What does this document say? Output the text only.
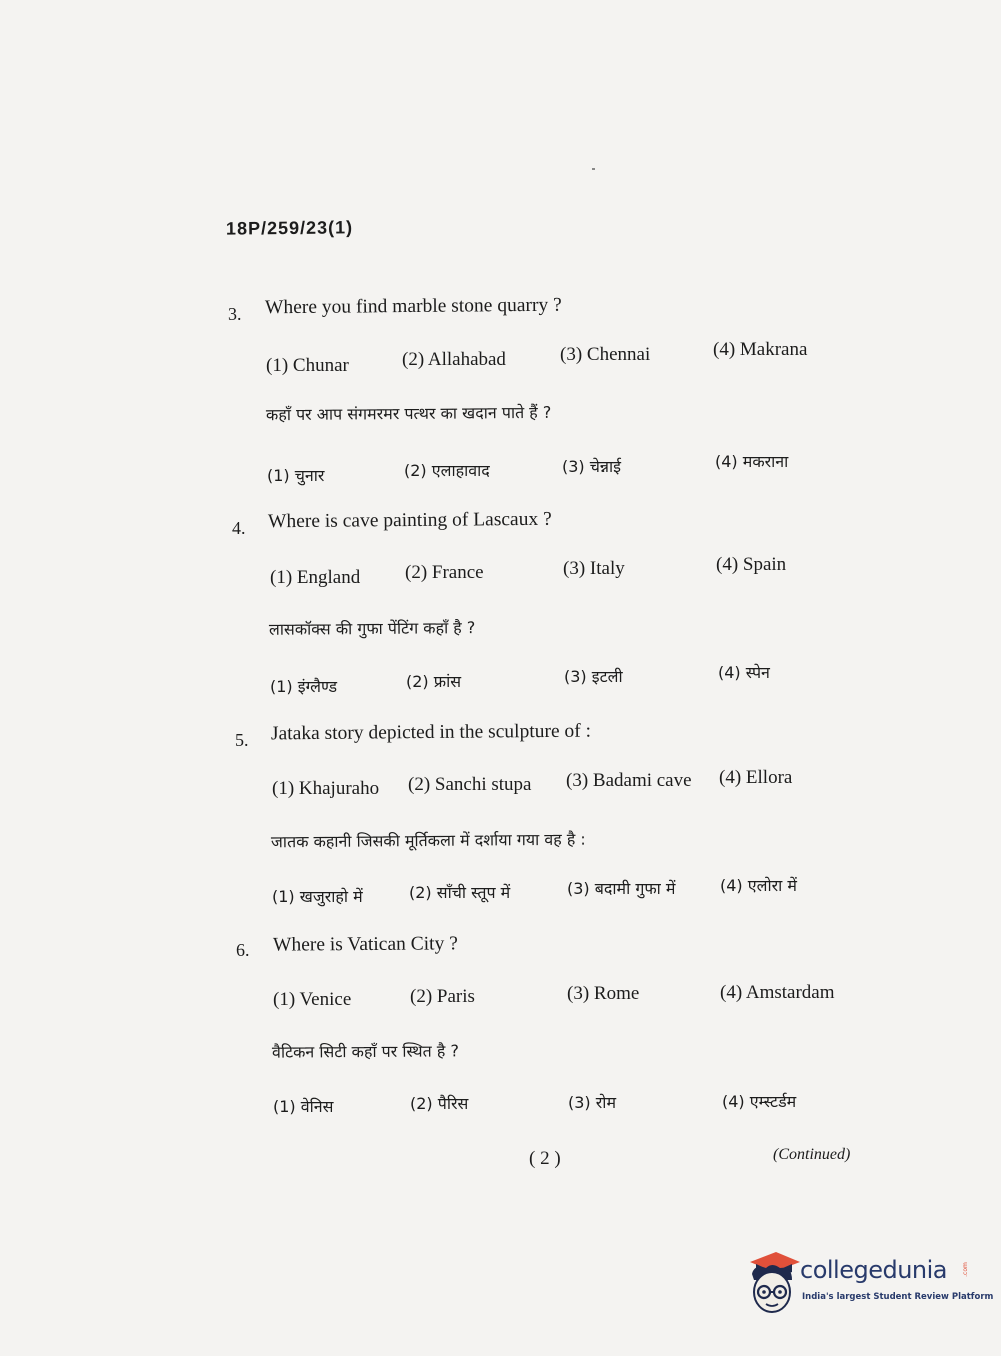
18P/259/23(1)
3. Where you find marble stone quarry ?
(1) Chunar	(2) Allahabad	(3) Chennai	(4) Makrana
कहाँ पर आप संगमरमर पत्थर का खदान पाते हैं ?
(1) चुनार	(2) एलाहावाद	(3) चेन्नाई	(4) मकराना
4. Where is cave painting of Lascaux ?
(1) England (2) France	(3) Italy	(4) Spain
लासकॉक्स की गुफा पेंटिंग कहाँ है ?
(1) इंग्लैण्ड	(2) फ्रांस	(3) इटली	(4) स्पेन
5. Jataka story depicted in the sculpture of :
(1) Khajuraho (2) Sanchi stupa (3) Badami cave (4) Ellora
जातक कहानी जिसकी मूर्तिकला में दर्शाया गया वह है :
(1) खजुराहो में	(2) साँची स्तूप में	(3) बदामी गुफा में	(4) एलोरा में
6. Where is Vatican City ?
(1) Venice	(2) Paris	(3) Rome	(4) Amstardam
वैटिकन सिटी कहाँ पर स्थित है ?
(1) वेनिस	(2) पैरिस	(3) रोम	(4) एम्स्टर्डम
( 2 )	(Continued)
collegedunia .com
India's largest Student Review Platform
